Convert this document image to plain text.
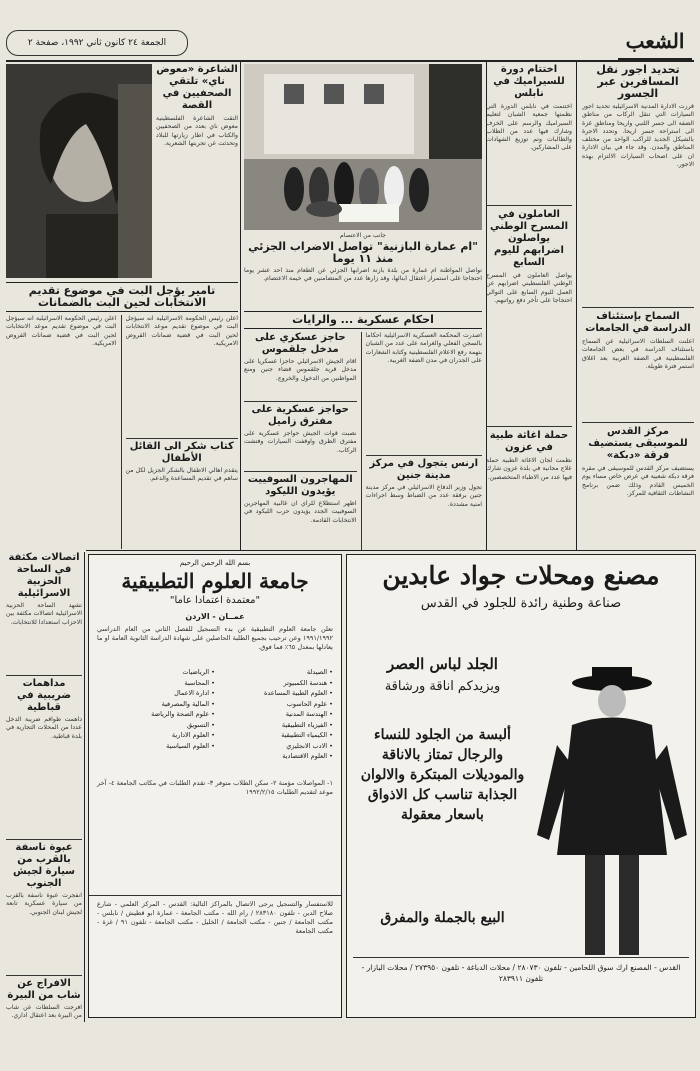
الجمعة ٢٤ كانون ثاني ١٩٩٢، صفحة ٢	الشعب
تحديد اجور نقل المسافرين عبر الجسور
قررت الادارة المدنية الاسرائيلية تحديد اجور السيارات التي تنقل الركاب من مناطق الضفة الى جسر اللنبي واريحا ومناطق غزة الى استراحة جسر اريحا. وتحدد الاجرة بالشيكل الجديد للراكب الواحد من مختلف المناطق والمدن. وقد جاء في بيان الادارة ان على اصحاب السيارات الالتزام بهذه الاجور.
السماح بإستئناف الدراسة في الجامعات
اعلنت السلطات الاسرائيلية عن السماح باستئناف الدراسة في بعض الجامعات الفلسطينية في الضفة الغربية بعد اغلاق استمر فترة طويلة.
مركز القدس للموسيقى يستضيف فرقة «دبكة»
يستضيف مركز القدس للموسيقى في مقره فرقة دبكة شعبية في عرض خاص مساء يوم الخميس القادم وذلك ضمن برنامج النشاطات الثقافية للمركز.
اختتام دورة للسيراميك في نابلس
اختتمت في نابلس الدورة التي نظمتها جمعية الشبان لتعليم السيراميك والرسم على الخزف وشارك فيها عدد من الطلاب والطالبات وتم توزيع الشهادات على المشاركين.
العاملون في المسرح الوطني يواصلون اضرابهم لليوم السابع
يواصل العاملون في المسرح الوطني الفلسطيني اضرابهم عن العمل لليوم السابع على التوالي احتجاجا على تأخر دفع رواتبهم.
حملة اغاثة طبية في عزون
نظمت لجان الاغاثة الطبية حملة علاج مجانية في بلدة عزون شارك فيها عدد من الاطباء المتخصصين.
جانب من الاعتصام
"ام عمارة البازنية" تواصل الاضراب الجزئي منذ ١١ يوما
تواصل المواطنة ام عمارة من بلدة بازنة اضرابها الجزئي عن الطعام منذ احد عشر يوما احتجاجا على استمرار اعتقال ابنائها، وقد زارها عدد من المتضامنين في خيمة الاعتصام.
احكام عسكرية ... والرايات
اصدرت المحكمة العسكرية الاسرائيلية احكاما بالسجن الفعلي والغرامة على عدد من الشبان بتهمة رفع الاعلام الفلسطينية وكتابة الشعارات على الجدران في مدن الضفة الغربية.
ارنس يتجول في مركز مدينة جنين
تجول وزير الدفاع الاسرائيلي في مركز مدينة جنين برفقة عدد من الضباط وسط اجراءات امنية مشددة.
حاجز عسكري على مدخل جلقموس
اقام الجيش الاسرائيلي حاجزا عسكريا على مدخل قرية جلقموس قضاء جنين ومنع المواطنين من الدخول والخروج.
حواجز عسكرية على مفترق زاميل
نصبت قوات الجيش حواجز عسكرية على مفترق الطرق واوقفت السيارات وفتشت الركاب.
المهاجرون السوفييت يؤيدون الليكود
اظهر استطلاع للرأي ان غالبية المهاجرين السوفييت الجدد يؤيدون حزب الليكود في الانتخابات القادمة.
الشاعرة «معوض ناي» تلتقي الصحفيين في القصة
التقت الشاعرة الفلسطينية معوض ناي بعدد من الصحفيين والكتاب في اطار زيارتها للبلاد وتحدثت عن تجربتها الشعرية.
تامير يؤجل البت في موضوع تقديم الانتخابات لحين البت بالضمانات
اعلن رئيس الحكومة الاسرائيلية انه سيؤجل البت في موضوع تقديم موعد الانتخابات لحين البت في قضية ضمانات القروض الامريكية.
كتاب شكر الى القائل الأطفال
يتقدم اهالي الاطفال بالشكر الجزيل لكل من ساهم في تقديم المساعدة والدعم.
اعلن رئيس الحكومة الاسرائيلية انه سيؤجل البت في موضوع تقديم موعد الانتخابات لحين البت في قضية ضمانات القروض الامريكية.
اتصالات مكثفة في الساحة الحزبية الاسرائيلية
تشهد الساحة الحزبية الاسرائيلية اتصالات مكثفة بين الاحزاب استعدادا للانتخابات.
مداهمات ضريبية في قباطية
داهمت طواقم ضريبة الدخل عددا من المحلات التجارية في بلدة قباطية.
عبوة ناسفة بالقرب من سيارة لجيش الجنوب
انفجرت عبوة ناسفة بالقرب من سيارة عسكرية تابعة لجيش لبنان الجنوبي.
الافراج عن شاب من البيرة
افرجت السلطات عن شاب من البيرة بعد اعتقال اداري.
بسم الله الرحمن الرحيم
جامعة العلوم التطبيقية
"معتمدة اعتمادا عاما"
عمــان - الاردن
تعلن جامعة العلوم التطبيقية عن بدء التسجيل للفصل الثاني من العام الدراسي ١٩٩١/١٩٩٢ وعن ترحيب بجميع الطلبة الحاصلين على شهادة الدراسة الثانوية العامة او ما يعادلها بمعدل ٦٥٪ فما فوق.
• الصيدلة
• هندسة الكمبيوتر
• العلوم الطبية المساعدة
• علوم الحاسوب
• الهندسة المدنية
• الفيزياء التطبيقية
• الكيمياء التطبيقية
• الادب الانجليزي
• العلوم الاقتصادية
• الرياضيات
• المحاسبة
• ادارة الاعمال
• المالية والمصرفية
• علوم الصحة والرياضة
• التسويق
• العلوم الادارية
• العلوم السياسية
١- المواصلات مؤمنة ٢- سكن الطلاب متوفر ٣- تقدم الطلبات في مكاتب الجامعة ٤- آخر موعد لتقديم الطلبات ١٩٩٢/٢/١٥
للاستفسار والتسجيل يرجى الاتصال بالمراكز التالية: القدس - المركز العلمي - شارع صلاح الدين - تلفون ٢٨٣١٨٠ / رام الله - مكتب الجامعة - عمارة ابو قطيش / نابلس - مكتب الجامعة / جنين - مكتب الجامعة / الخليل - مكتب الجامعة - تلفون ٩١ / غزة - مكتب الجامعة
مصنع ومحلات جواد عابدين
صناعة وطنية رائدة للجلود في القدس
الجلد لباس العصر
ويزيدكم اناقة ورشاقة
ألبسة من الجلود للنساء والرجال تمتاز بالاناقة والموديلات المبتكرة والالوان الجذابة تناسب كل الاذواق باسعار معقولة
البيع بالجملة والمفرق
القدس - المصنع ارك سوق اللحامين - تلفون ٢٨٠٧٣٠ / محلات الدباغة - تلفون ٢٧٣٩٥٠ / محلات البازار - تلفون ٢٨٣٩١١
